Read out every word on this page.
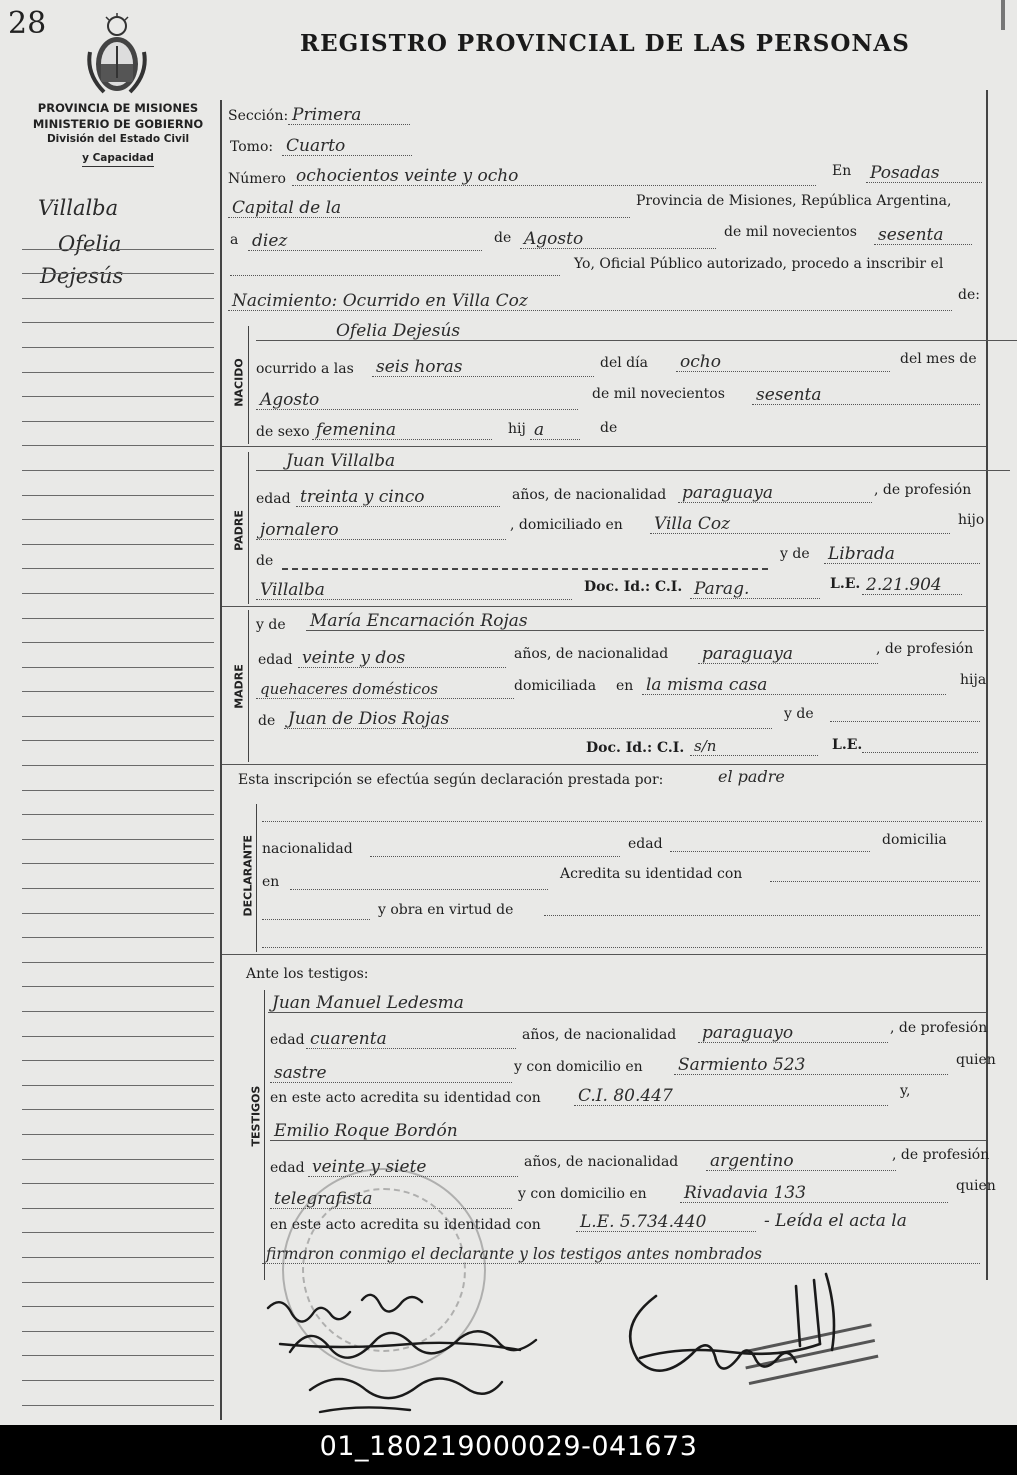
28
REGISTRO PROVINCIAL DE LAS PERSONAS
PROVINCIA DE MISIONES
MINISTERIO DE GOBIERNO
División del Estado Civil
y Capacidad
Villalba
Ofelia
Dejesús
Sección: Primera
Tomo: Cuarto
Número ochocientos veinte y ocho	En Posadas
Capital de la	Provincia de Misiones, República Argentina,
a diez	de Agosto	de mil novecientos sesenta
Yo, Oficial Público autorizado, procedo a inscribir el
Nacimiento: Ocurrido en Villa Coz	de:
NACIDO
Ofelia Dejesús
ocurrido a las seis horas	del día ocho	del mes de
Agosto	de mil novecientos sesenta
de sexo femenina	hij a	de
PADRE
Juan Villalba
edad treinta y cinco	años, de nacionalidad paraguaya	, de profesión
jornalero	, domiciliado en Villa Coz	hijo
de	y de Librada
Villalba	Doc. Id.: C.I. Parag.	L.E. 2.21.904
MADRE
y de María Encarnación Rojas
edad veinte y dos	años, de nacionalidad paraguaya	, de profesión
quehaceres domésticos	domiciliada en la misma casa	hija
de Juan de Dios Rojas	y de
Doc. Id.: C.I. s/n	L.E.
Esta inscripción se efectúa según declaración prestada por:	el padre
DECLARANTE nacionalidad	edad	domicilia
en	Acredita su identidad con
y obra en virtud de
Ante los testigos:
TESTIGOS
Juan Manuel Ledesma
edad cuarenta	años, de nacionalidad paraguayo	, de profesión
sastre	y con domicilio en Sarmiento 523	quien
en este acto acredita su identidad con C.I. 80.447	y,
Emilio Roque Bordón
edad veinte y siete	años, de nacionalidad argentino	, de profesión
telegrafista	y con domicilio en Rivadavia 133	quien
en este acto acredita su identidad con L.E. 5.734.440	- Leída el acta la
firmaron conmigo el declarante y los testigos antes nombrados
01_180219000029-041673
